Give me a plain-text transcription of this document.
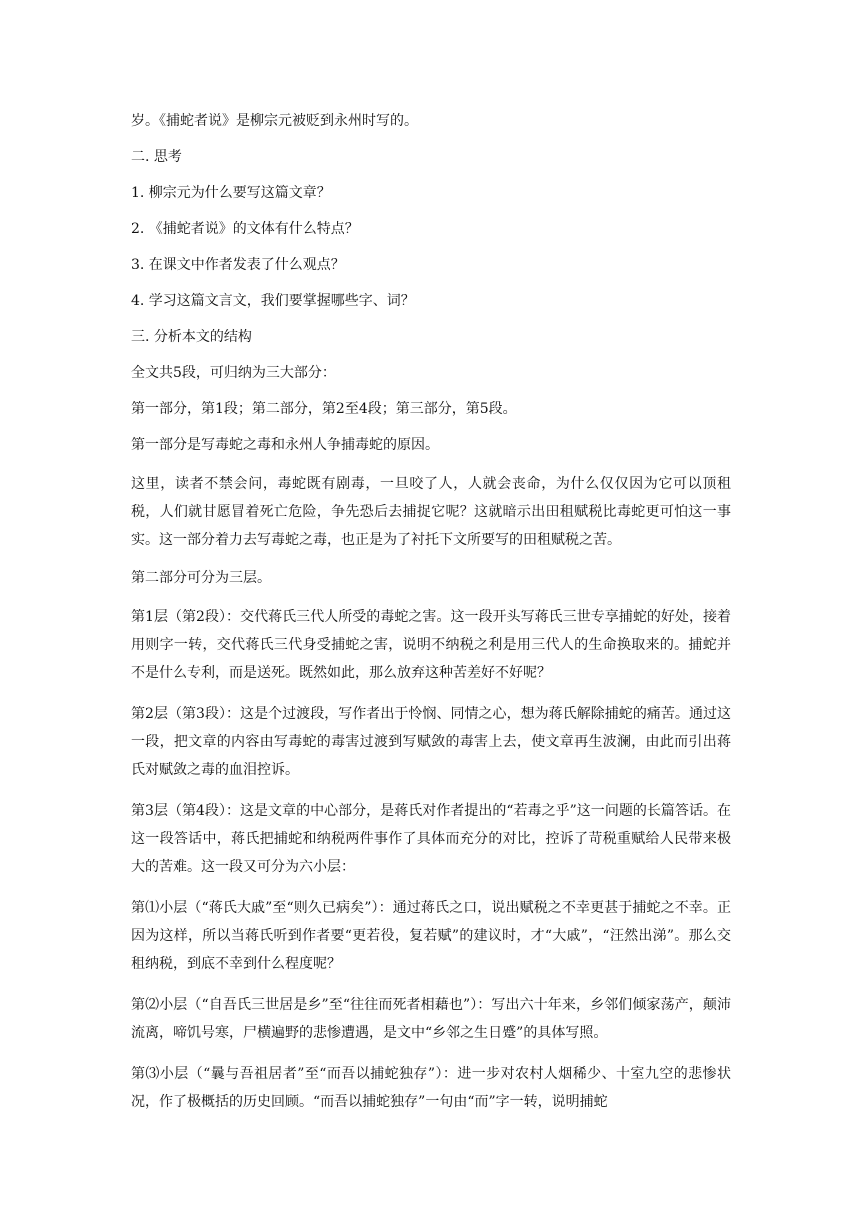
岁。《捕蛇者说》是柳宗元被贬到永州时写的。

二. 思考

1. 柳宗元为什么要写这篇文章？

2. 《捕蛇者说》的文体有什么特点？

3. 在课文中作者发表了什么观点？

4. 学习这篇文言文，我们要掌握哪些字、词？

三. 分析本文的结构

全文共5段，可归纳为三大部分：

第一部分，第1段；第二部分，第2至4段；第三部分，第5段。

第一部分是写毒蛇之毒和永州人争捕毒蛇的原因。

这里，读者不禁会问，毒蛇既有剧毒，一旦咬了人，人就会丧命，为什么仅仅因为它可以顶租税，人们就甘愿冒着死亡危险，争先恐后去捕捉它呢？这就暗示出田租赋税比毒蛇更可怕这一事实。这一部分着力去写毒蛇之毒，也正是为了衬托下文所要写的田租赋税之苦。

第二部分可分为三层。

第1层（第2段）：交代蒋氏三代人所受的毒蛇之害。这一段开头写蒋氏三世专享捕蛇的好处，接着用则字一转，交代蒋氏三代身受捕蛇之害，说明不纳税之利是用三代人的生命换取来的。捕蛇并不是什么专利，而是送死。既然如此，那么放弃这种苦差好不好呢？

第2层（第3段）：这是个过渡段，写作者出于怜悯、同情之心，想为蒋氏解除捕蛇的痛苦。通过这一段，把文章的内容由写毒蛇的毒害过渡到写赋敛的毒害上去，使文章再生波澜，由此而引出蒋氏对赋敛之毒的血泪控诉。

第3层（第4段）：这是文章的中心部分，是蒋氏对作者提出的“若毒之乎”这一问题的长篇答话。在这一段答话中，蒋氏把捕蛇和纳税两件事作了具体而充分的对比，控诉了苛税重赋给人民带来极大的苦难。这一段又可分为六小层：

第⑴小层（“蒋氏大戚”至“则久已病矣”）：通过蒋氏之口，说出赋税之不幸更甚于捕蛇之不幸。正因为这样，所以当蒋氏听到作者要“更若役，复若赋”的建议时，才“大戚”，“汪然出涕”。那么交租纳税，到底不幸到什么程度呢？

第⑵小层（“自吾氏三世居是乡”至“往往而死者相藉也”）：写出六十年来，乡邻们倾家荡产，颠沛流离，啼饥号寒，尸横遍野的悲惨遭遇，是文中“乡邻之生日蹙”的具体写照。

第⑶小层（“曩与吾祖居者”至“而吾以捕蛇独存”）：进一步对农村人烟稀少、十室九空的悲惨状况，作了极概括的历史回顾。“而吾以捕蛇独存”一句由“而”字一转，说明捕蛇
